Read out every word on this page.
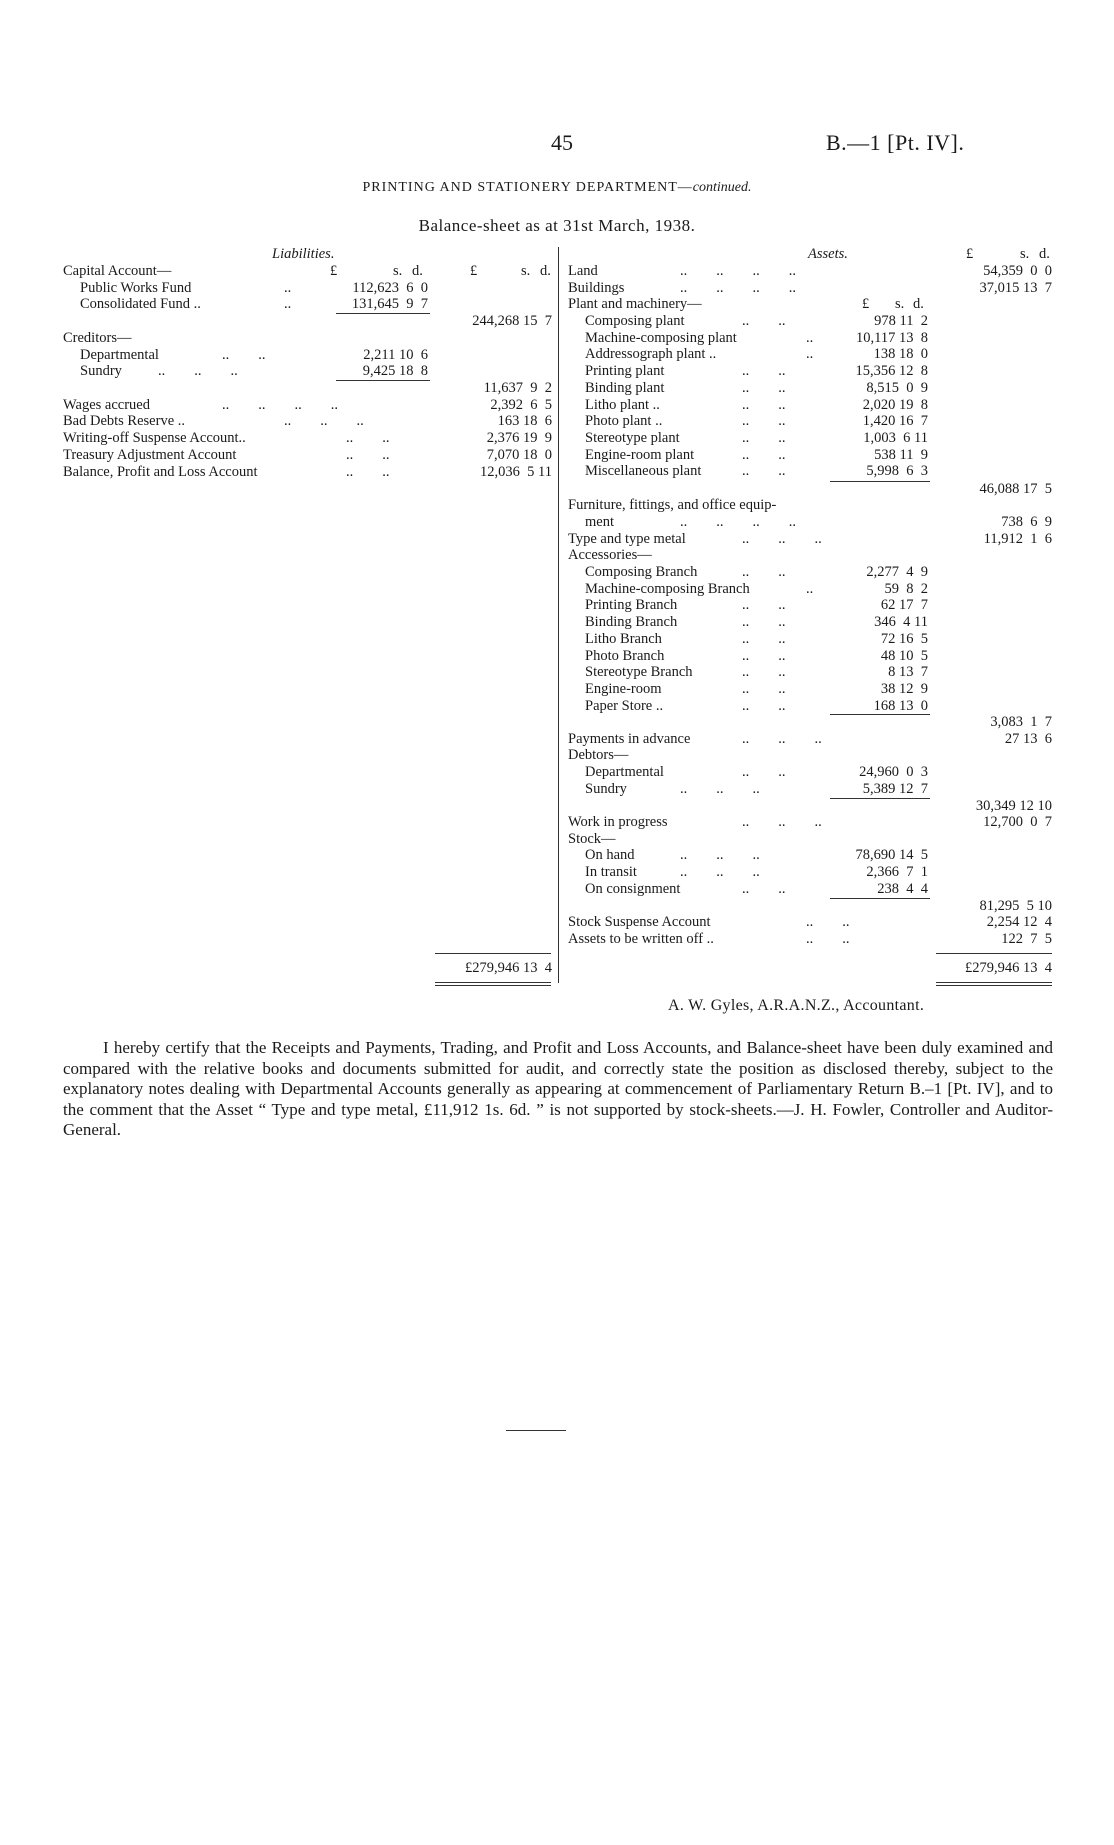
45	B.—1 [Pt. IV].
PRINTING AND STATIONERY DEPARTMENT—continued.
Balance-sheet as at 31st March, 1938.
Liabilities.
£	s. d.	£	s. d.
Capital Account—
Public Works Fund	..	112,623  6  0
Consolidated Fund ..	..	131,645  9  7
244,268 15  7
Creditors—
Departmental	..        ..	2,211 10  6
Sundry ..        ..        ..	9,425 18  8
11,637  9  2
Wages accrued	..        ..        ..        ..	2,392  6  5
Bad Debts Reserve ..	..        ..        ..	163 18  6
Writing-off Suspense Account..	..        ..	2,376 19  9
Treasury Adjustment Account	..        ..	7,070 18  0
Balance, Profit and Loss Account	..        ..	12,036  5 11
£279,946 13  4
Assets.	£	s. d.
Land	..        ..        ..        ..	54,359  0  0
Buildings	..        ..        ..        ..	37,015 13  7
Plant and machinery—	£ s. d.
Composing plant	..        ..	978 11  2
Machine-composing plant	..	10,117 13  8
Addressograph plant ..	..	138 18  0
Printing plant	..        ..	15,356 12  8
Binding plant	..        ..	8,515  0  9
Litho plant ..	..        ..	2,020 19  8
Photo plant ..	..        ..	1,420 16  7
Stereotype plant	..        ..	1,003  6 11
Engine-room plant	..        ..	538 11  9
Miscellaneous plant	..        ..	5,998  6  3
46,088 17  5
Furniture, fittings, and office equip-
ment	..        ..        ..        ..	738  6  9
Type and type metal	..        ..        ..	11,912  1  6
Accessories—
Composing Branch	..        ..	2,277  4  9
Machine-composing Branch	..	59  8  2
Printing Branch	..        ..	62 17  7
Binding Branch	..        ..	346  4 11
Litho Branch	..        ..	72 16  5
Photo Branch	..        ..	48 10  5
Stereotype Branch	..        ..	8 13  7
Engine-room	..        ..	38 12  9
Paper Store ..	..        ..	168 13  0
3,083  1  7
Payments in advance	..        ..        ..	27 13  6
Debtors—
Departmental	..        ..	24,960  0  3
Sundry	..        ..        ..	5,389 12  7
30,349 12 10
Work in progress	..        ..        ..	12,700  0  7
Stock—
On hand	..        ..        ..	78,690 14  5
In transit	..        ..        ..	2,366  7  1
On consignment	..        ..	238  4  4
81,295  5 10
Stock Suspense Account	..        ..	2,254 12  4
Assets to be written off ..	..        ..	122  7  5
£279,946 13  4
A. W. Gyles, A.R.A.N.Z., Accountant.

I hereby certify that the Receipts and Payments, Trading, and Profit and Loss Accounts, and Balance-sheet have been duly examined and compared with the relative books and documents submitted for audit, and correctly state the position as disclosed thereby, subject to the explanatory notes dealing with Departmental Accounts generally as appearing at commencement of Parliamentary Return B.–1 [Pt. IV], and to the comment that the Asset “ Type and type metal, £11,912 1s. 6d. ” is not supported by stock-sheets.—J. H. Fowler, Controller and Auditor-General.
